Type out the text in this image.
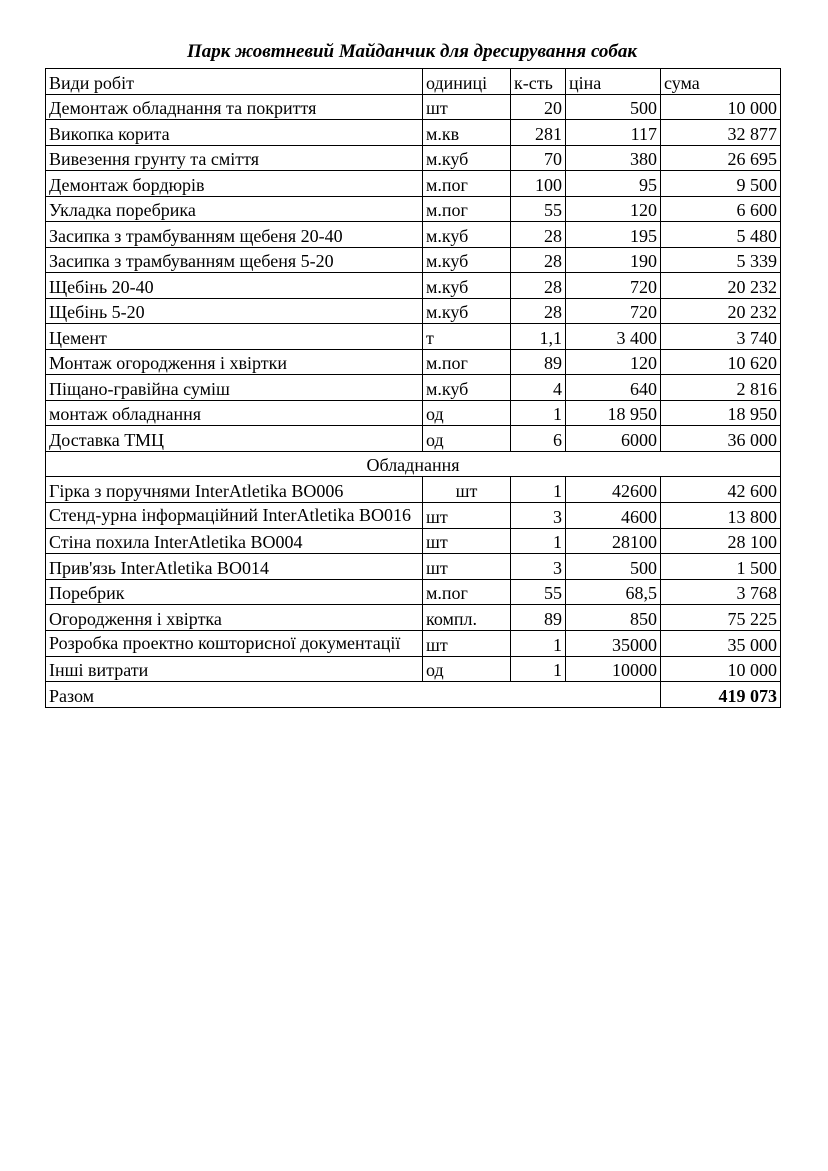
Парк жовтневий Майданчик для дресирування собак
Види робіт	одиниці	к-сть	ціна	сума
Демонтаж обладнання та покриття	шт	20	500	10 000
Викопка корита	м.кв	281	117	32 877
Вивезення грунту та сміття	м.куб	70	380	26 695
Демонтаж бордюрів	м.пог	100	95	9 500
Укладка поребрика	м.пог	55	120	6 600
Засипка з трамбуванням щебеня 20-40	м.куб	28	195	5 480
Засипка з трамбуванням щебеня 5-20	м.куб	28	190	5 339
Щебінь 20-40	м.куб	28	720	20 232
Щебінь 5-20	м.куб	28	720	20 232
Цемент	т	1,1	3 400	3 740
Монтаж огородження і хвіртки	м.пог	89	120	10 620
Піщано-гравійна суміш	м.куб	4	640	2 816
монтаж обладнання	од	1	18 950	18 950
Доставка ТМЦ	од	6	6000	36 000
Обладнання				
Гірка з поручнями InterAtletika BO006	шт	1	42600	42 600
Стенд-урна інформаційний InterAtletika BO016	шт	3	4600	13 800
Стіна похила InterAtletika BO004	шт	1	28100	28 100
Прив'язь InterAtletika BO014	шт	3	500	1 500
Поребрик	м.пог	55	68,5	3 768
Огородження і хвіртка	компл.	89	850	75 225
Розробка проектно кошторисної документації	шт	1	35000	35 000
Інші витрати	од	1	10000	10 000
Разом				419 073
